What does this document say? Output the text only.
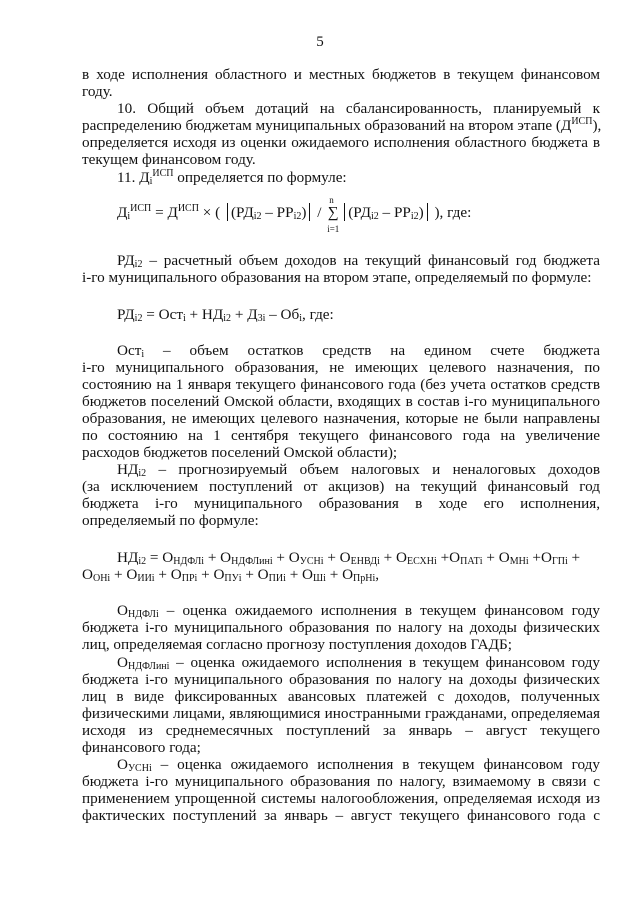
5
в ходе исполнения областного и местных бюджетов в текущем финансовом
году.
10. Общий объем дотаций на сбалансированность, планируемый к
распределению бюджетам муниципальных образований на втором этапе $(Д^{ИСП})$,
определяется исходя из оценки ожидаемого исполнения областного бюджета в
текущем финансовом году.
11. $Д_i^{ИСП}$ определяется по формуле:
$Д_i^{ИСП} = Д^{ИСП}$ × ( $(РД_{i2} - РР_{i2})$ /
n
∑
i=1
$(РД_{i2} - РР_{i2})$ ), где:
$РД_{i2}$ – расчетный объем доходов на текущий финансовый год бюджета
i-го муниципального образования на втором этапе, определяемый по формуле:
$РД_{i2} = Ост_i + НД_{i2} + Д_{3i} - Об_i$, где:
Ост$_i$ – объем остатков средств на едином счете бюджета
i-го муниципального образования, не имеющих целевого назначения, по
состоянию на 1 января текущего финансового года (без учета остатков средств
бюджетов поселений Омской области, входящих в состав i-го муниципального
образования, не имеющих целевого назначения, которые не были направлены
по состоянию на 1 сентября текущего финансового года на увеличение
расходов бюджетов поселений Омской области);
$НД_{i2}$ – прогнозируемый объем налоговых и неналоговых доходов
(за исключением поступлений от акцизов) на текущий финансовый год
бюджета i-го муниципального образования в ходе его исполнения,
определяемый по формуле:
$НД_{i2} = О_{НДФЛi} + О_{НДФЛинi} + О_{УСНi} + О_{ЕНВДi} + О_{ЕСХНi} +О_{ПАТi} + О_{МНi} +О_{ГПi}$ +
$О_{ОНi} + О_{ИИi} + О_{ПРi} + О_{ПУi} + О_{ПИi} + О_{Шi} + О_{ПрНi}$,
$О_{НДФЛi}$ – оценка ожидаемого исполнения в текущем финансовом году
бюджета i-го муниципального образования по налогу на доходы физических
лиц, определяемая согласно прогнозу поступления доходов ГАДБ;
$О_{НДФЛинi}$ – оценка ожидаемого исполнения в текущем финансовом году
бюджета i-го муниципального образования по налогу на доходы физических
лиц в виде фиксированных авансовых платежей с доходов, полученных
физическими лицами, являющимися иностранными гражданами, определяемая
исходя из среднемесячных поступлений за январь – август текущего
финансового года;
$О_{УСНi}$ – оценка ожидаемого исполнения в текущем финансовом году
бюджета i-го муниципального образования по налогу, взимаемому в связи с
применением упрощенной системы налогообложения, определяемая исходя из
фактических поступлений за январь – август текущего финансового года с
